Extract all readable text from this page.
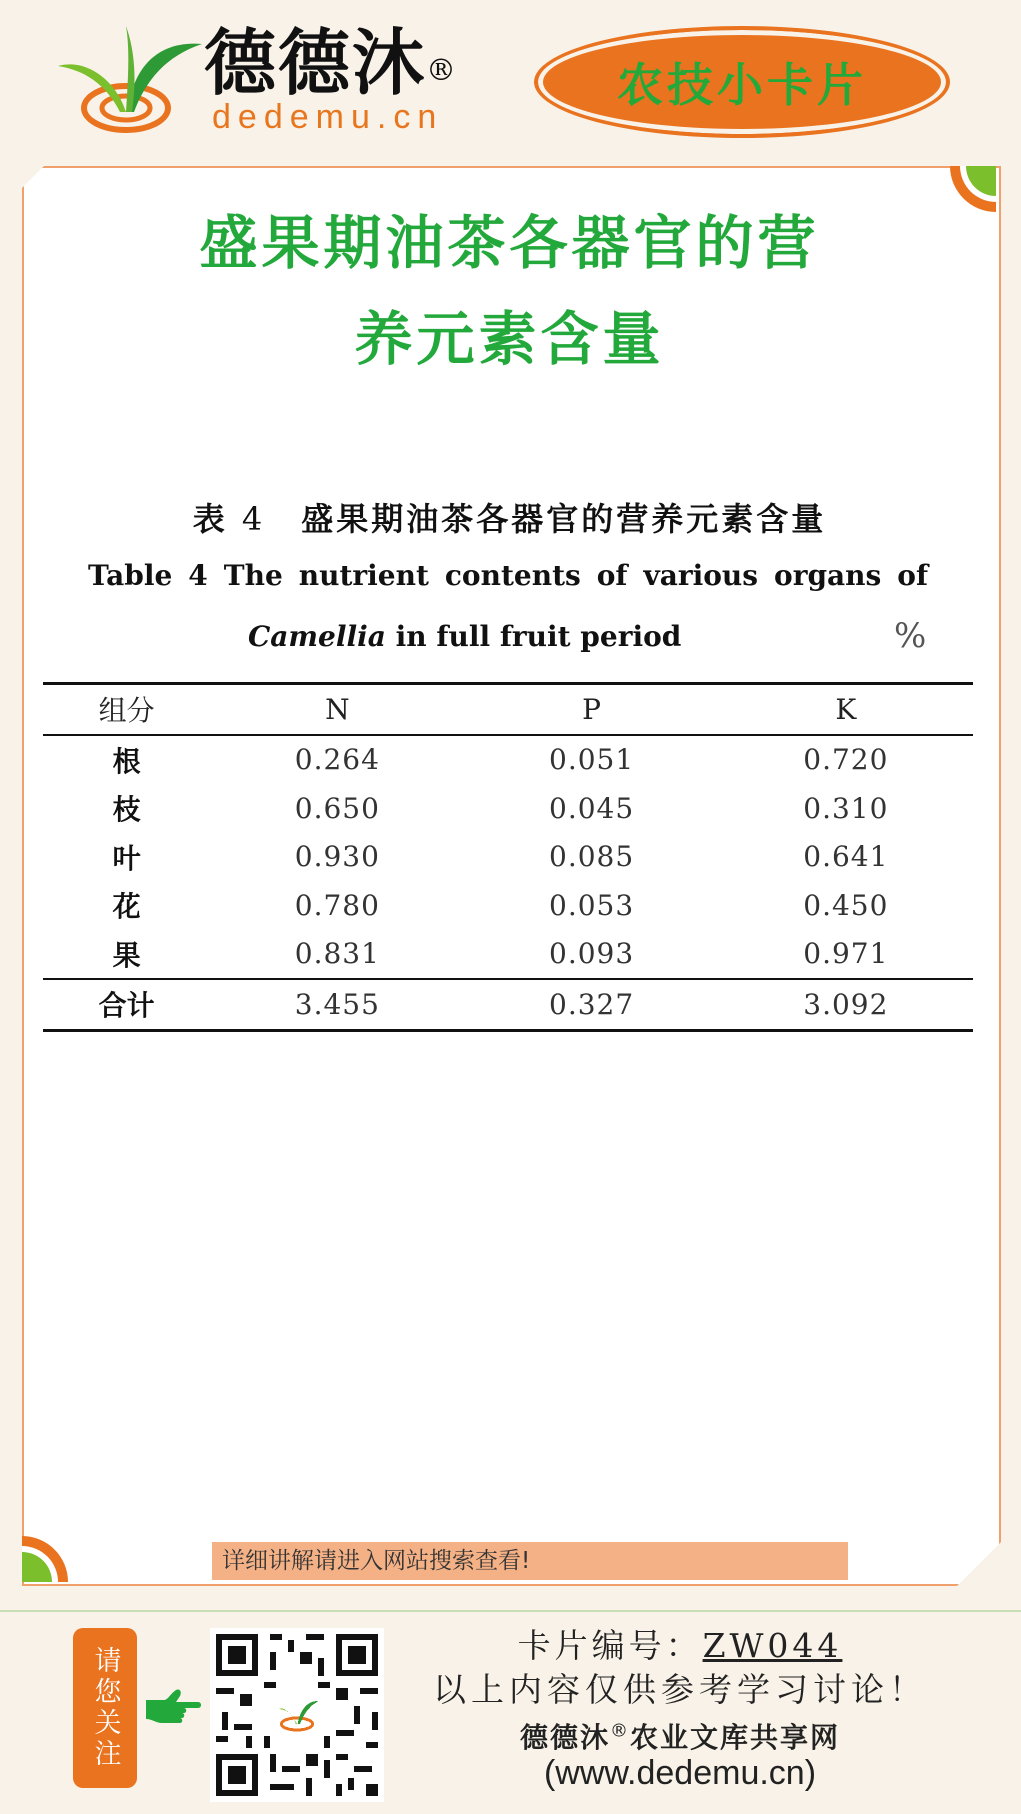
德德沐®
dedemu.cn
农技小卡片
盛果期油茶各器官的营
养元素含量
表 4 盛果期油茶各器官的营养元素含量
Table 4 The nutrient contents of various organs of
Camellia in full fruit period	%
组分	N	P	K
根	0.264	0.051	0.720
枝	0.650	0.045	0.310
叶	0.930	0.085	0.641
花	0.780	0.053	0.450
果	0.831	0.093	0.971
合计	3.455	0.327	3.092
详细讲解请进入网站搜索查看!
请您关注
卡片编号：ZW044
以上内容仅供参考学习讨论！
德德沐®农业文库共享网
(www.dedemu.cn)
